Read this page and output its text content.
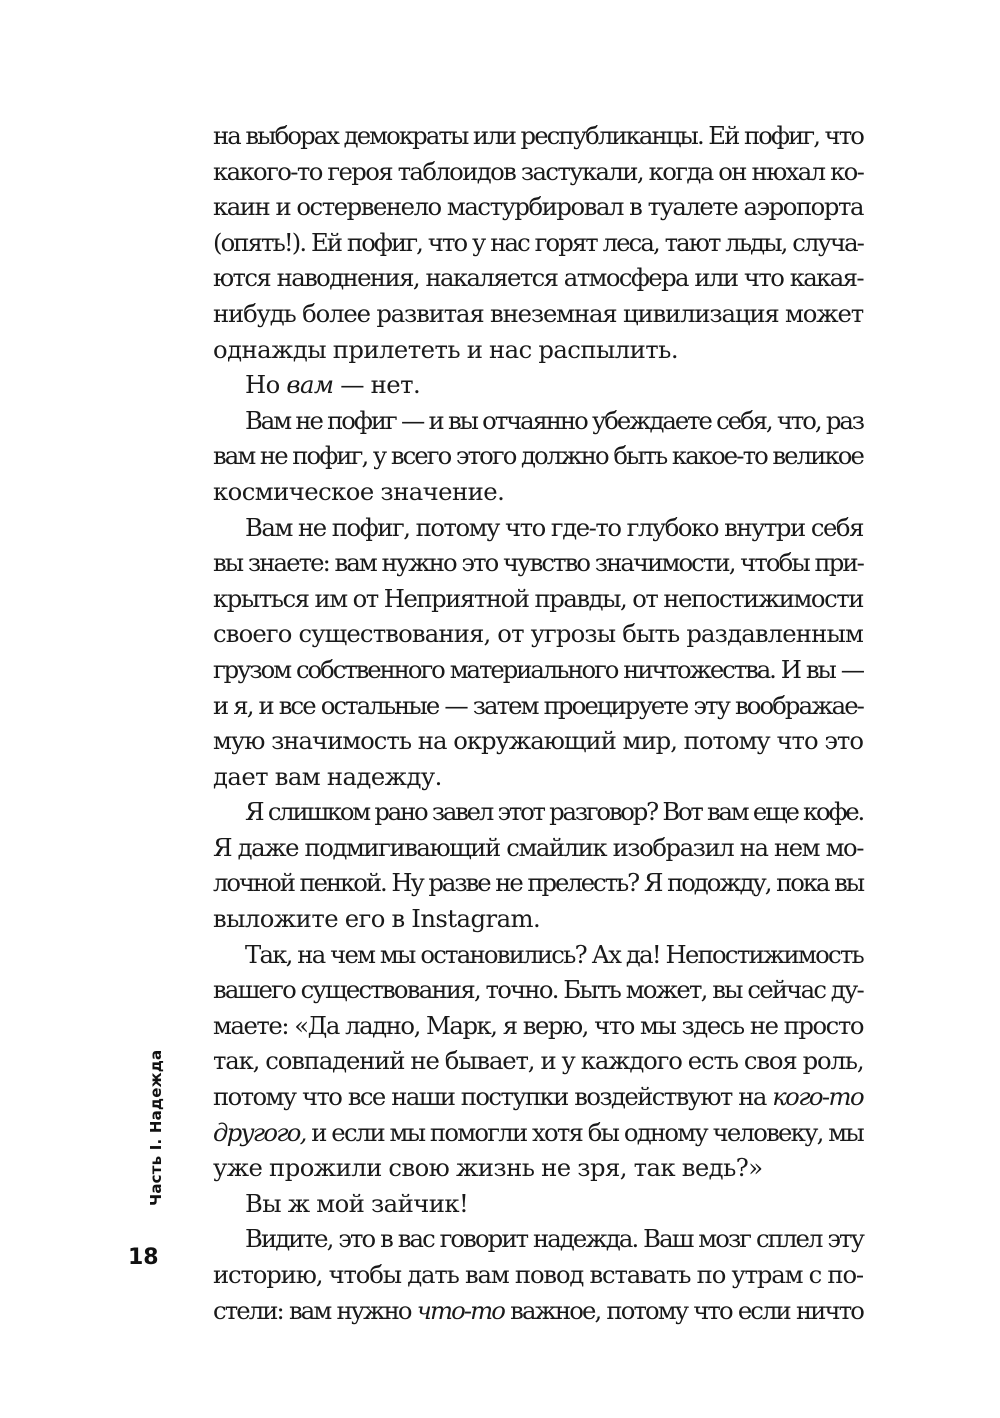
на выборах демократы или республиканцы. Ей пофиг, что
какого-то героя таблоидов застукали, когда он нюхал ко-
каин и остервенело мастурбировал в туалете аэропорта
(опять!). Ей пофиг, что у нас горят леса, тают льды, случа-
ются наводнения, накаляется атмосфера или что какая-
нибудь более развитая внеземная цивилизация может
однажды прилететь и нас распылить.
Но вам — нет.
Вам не пофиг — и вы отчаянно убеждаете себя, что, раз
вам не пофиг, у всего этого должно быть какое-то великое
космическое значение.
Вам не пофиг, потому что где-то глубоко внутри себя
вы знаете: вам нужно это чувство значимости, чтобы при-
крыться им от Неприятной правды, от непостижимости
своего существования, от угрозы быть раздавленным
грузом собственного материального ничтожества. И вы —
и я, и все остальные — затем проецируете эту воображае-
мую значимость на окружающий мир, потому что это
дает вам надежду.
Я слишком рано завел этот разговор? Вот вам еще кофе.
Я даже подмигивающий смайлик изобразил на нем мо-
лочной пенкой. Ну разве не прелесть? Я подожду, пока вы
выложите его в Instagram.
Так, на чем мы остановились? Ах да! Непостижимость
вашего существования, точно. Быть может, вы сейчас ду-
маете: «Да ладно, Марк, я верю, что мы здесь не просто
так, совпадений не бывает, и у каждого есть своя роль,
потому что все наши поступки воздействуют на кого-то
другого, и если мы помогли хотя бы одному человеку, мы
уже прожили свою жизнь не зря, так ведь?»
Вы ж мой зайчик!
Видите, это в вас говорит надежда. Ваш мозг сплел эту
историю, чтобы дать вам повод вставать по утрам с по-
стели: вам нужно что-то важное, потому что если ничто
Часть I. Надежда
18
